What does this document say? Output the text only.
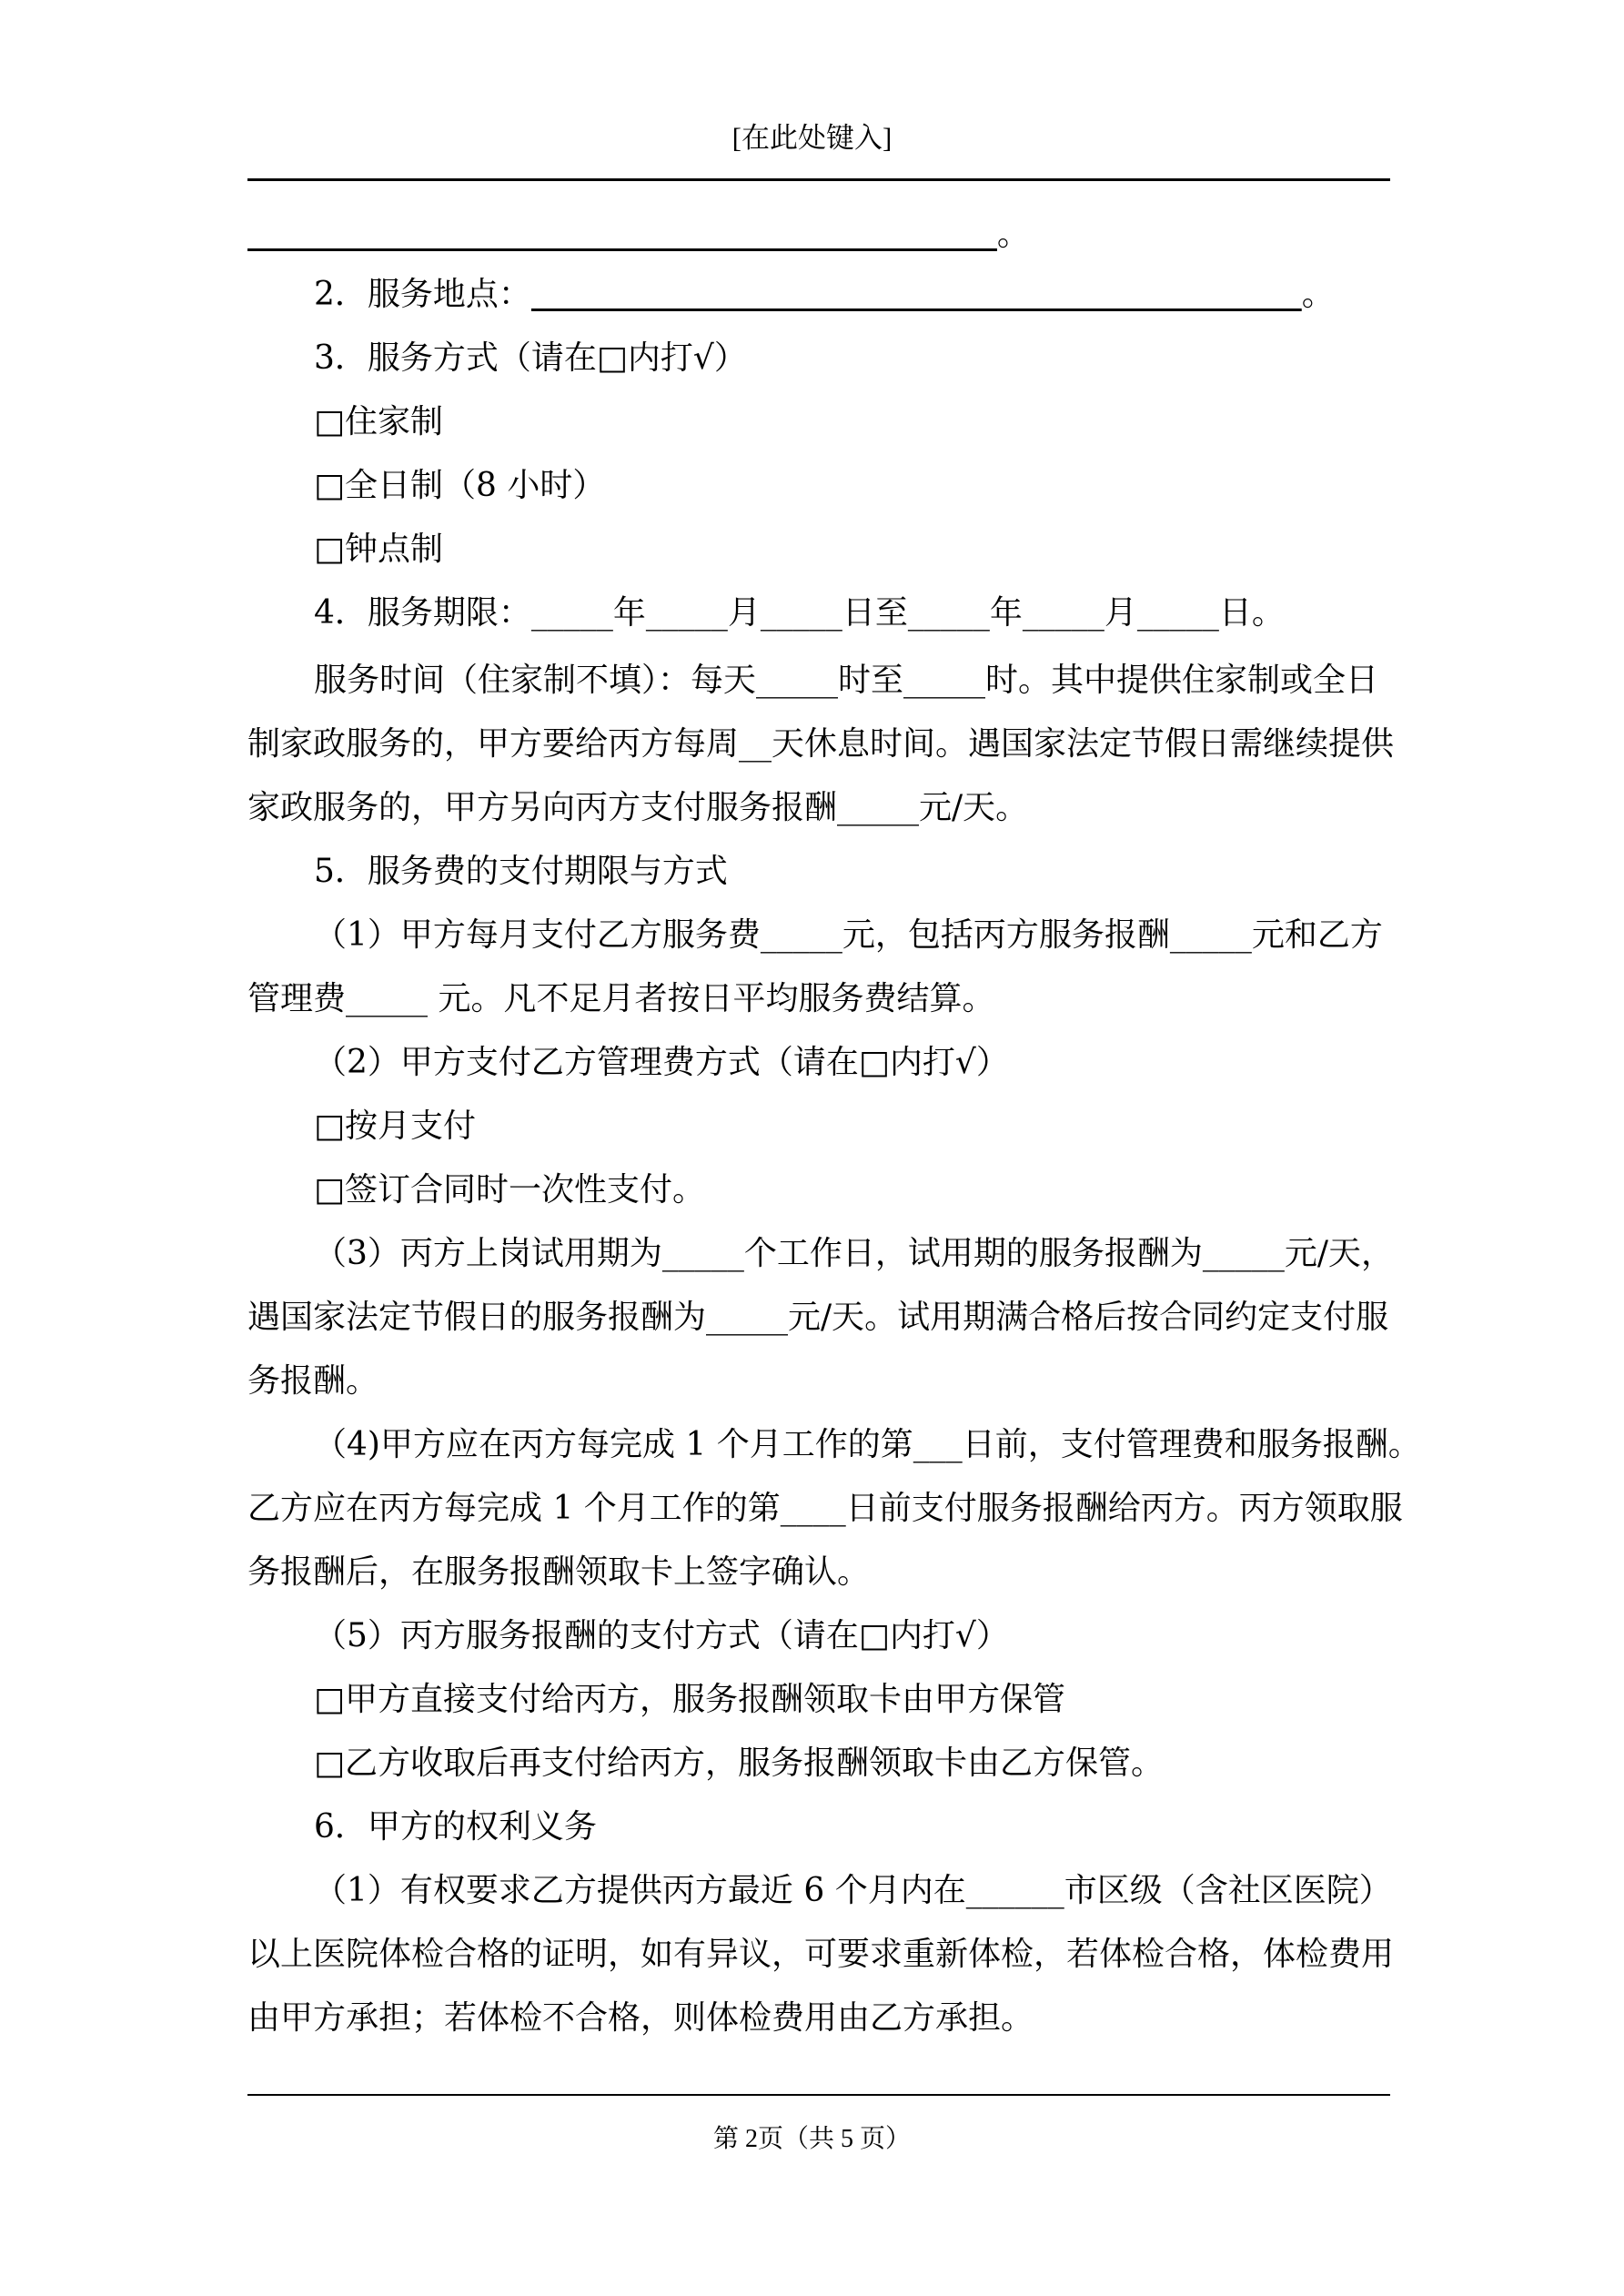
[在此处键入]
。
2．服务地点：	。
3．服务方式（请在□内打√）
□住家制
□全日制（8 小时）
□钟点制
4．服务期限：_____年_____月_____日至_____年_____月_____日。
服务时间（住家制不填）：每天_____时至_____时。其中提供住家制或全日
制家政服务的，甲方要给丙方每周__天休息时间。遇国家法定节假日需继续提供
家政服务的，甲方另向丙方支付服务报酬_____元/天。
5．服务费的支付期限与方式
（1）甲方每月支付乙方服务费_____元，包括丙方服务报酬_____元和乙方
管理费_____ 元。凡不足月者按日平均服务费结算。
（2）甲方支付乙方管理费方式（请在□内打√）
□按月支付
□签订合同时一次性支付。
（3）丙方上岗试用期为_____个工作日，试用期的服务报酬为_____元/天，
遇国家法定节假日的服务报酬为_____元/天。试用期满合格后按合同约定支付服
务报酬。
（4)甲方应在丙方每完成 1 个月工作的第___日前，支付管理费和服务报酬。
乙方应在丙方每完成 1 个月工作的第____日前支付服务报酬给丙方。丙方领取服
务报酬后，在服务报酬领取卡上签字确认。
（5）丙方服务报酬的支付方式（请在□内打√）
□甲方直接支付给丙方，服务报酬领取卡由甲方保管
□乙方收取后再支付给丙方，服务报酬领取卡由乙方保管。
6．甲方的权利义务
（1）有权要求乙方提供丙方最近 6 个月内在______市区级（含社区医院）
以上医院体检合格的证明，如有异议，可要求重新体检，若体检合格，体检费用
由甲方承担；若体检不合格，则体检费用由乙方承担。
第 2页（共 5 页）
